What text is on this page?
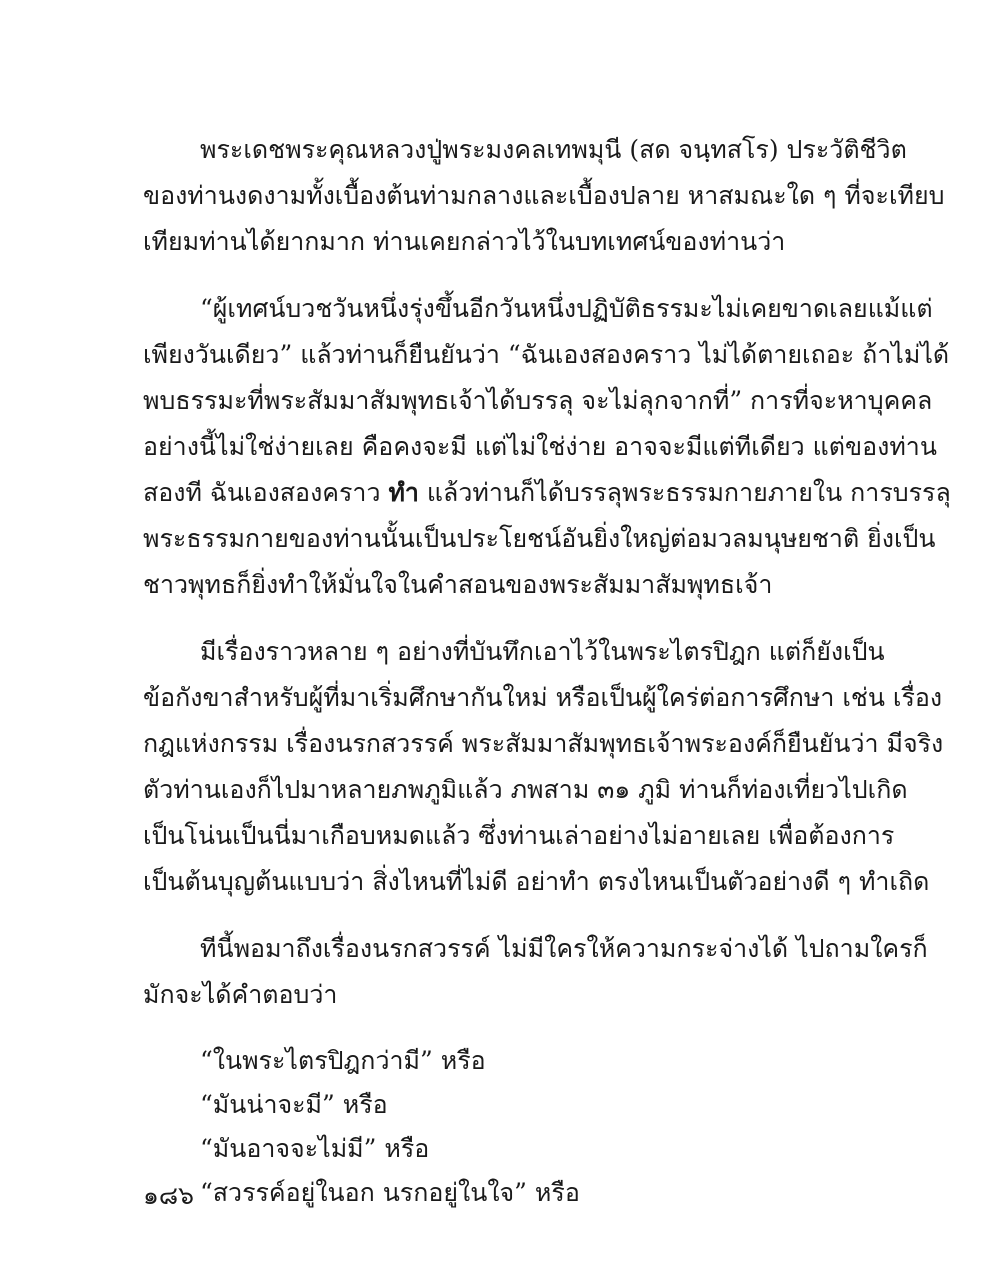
พระเดชพระคุณหลวงปู่พระมงคลเทพมุนี (สด จนฺทสโร) ประวัติชีวิต
ของท่านงดงามทั้งเบื้องต้นท่ามกลางและเบื้องปลาย หาสมณะใด ๆ ที่จะเทียบ
เทียมท่านได้ยากมาก ท่านเคยกล่าวไว้ในบทเทศน์ของท่านว่า
“ผู้เทศน์บวชวันหนึ่งรุ่งขึ้นอีกวันหนึ่งปฏิบัติธรรมะไม่เคยขาดเลยแม้แต่
เพียงวันเดียว” แล้วท่านก็ยืนยันว่า “ฉันเองสองคราว ไม่ได้ตายเถอะ ถ้าไม่ได้
พบธรรมะที่พระสัมมาสัมพุทธเจ้าได้บรรลุ จะไม่ลุกจากที่” การที่จะหาบุคคล
อย่างนี้ไม่ใช่ง่ายเลย คือคงจะมี แต่ไม่ใช่ง่าย อาจจะมีแต่ทีเดียว แต่ของท่าน
สองที ฉันเองสองคราว ทำ แล้วท่านก็ได้บรรลุพระธรรมกายภายใน การบรรลุ
พระธรรมกายของท่านนั้นเป็นประโยชน์อันยิ่งใหญ่ต่อมวลมนุษยชาติ ยิ่งเป็น
ชาวพุทธก็ยิ่งทำให้มั่นใจในคำสอนของพระสัมมาสัมพุทธเจ้า
มีเรื่องราวหลาย ๆ อย่างที่บันทึกเอาไว้ในพระไตรปิฎก แต่ก็ยังเป็น
ข้อกังขาสำหรับผู้ที่มาเริ่มศึกษากันใหม่ หรือเป็นผู้ใคร่ต่อการศึกษา เช่น เรื่อง
กฎแห่งกรรม เรื่องนรกสวรรค์ พระสัมมาสัมพุทธเจ้าพระองค์ก็ยืนยันว่า มีจริง
ตัวท่านเองก็ไปมาหลายภพภูมิแล้ว ภพสาม ๓๑ ภูมิ ท่านก็ท่องเที่ยวไปเกิด
เป็นโน่นเป็นนี่มาเกือบหมดแล้ว ซึ่งท่านเล่าอย่างไม่อายเลย เพื่อต้องการ
เป็นต้นบุญต้นแบบว่า สิ่งไหนที่ไม่ดี อย่าทำ ตรงไหนเป็นตัวอย่างดี ๆ ทำเถิด
ทีนี้พอมาถึงเรื่องนรกสวรรค์ ไม่มีใครให้ความกระจ่างได้ ไปถามใครก็
มักจะได้คำตอบว่า
“ในพระไตรปิฎกว่ามี” หรือ
“มันน่าจะมี” หรือ
“มันอาจจะไม่มี” หรือ
“สวรรค์อยู่ในอก นรกอยู่ในใจ” หรือ
๑๘๖
